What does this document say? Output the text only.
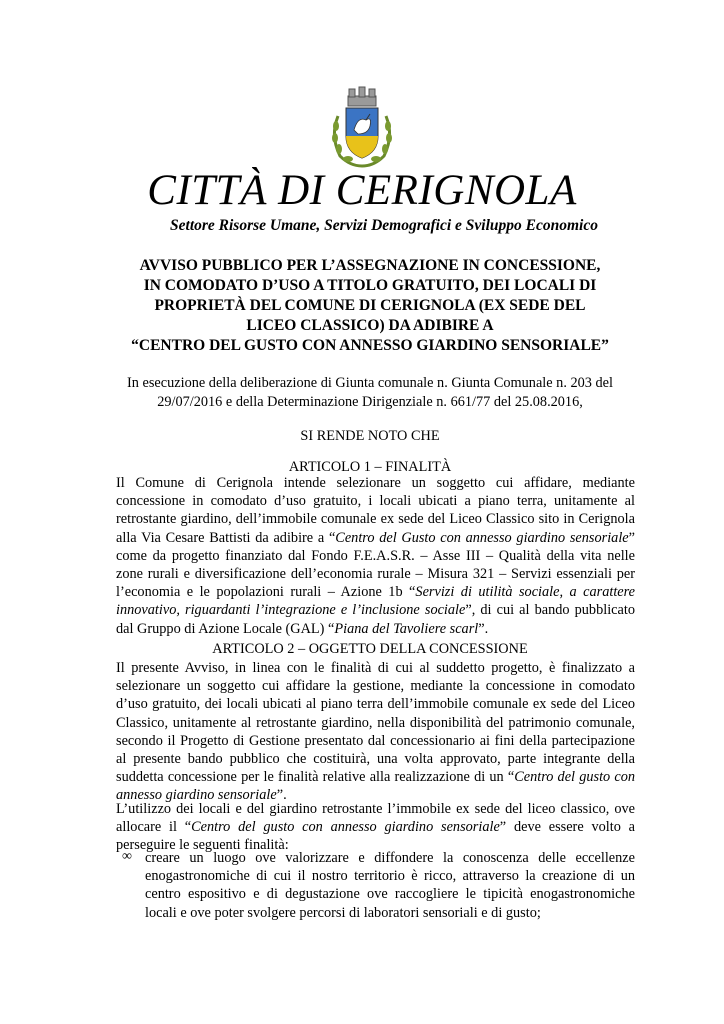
CITTÀ DI CERIGNOLA
Settore Risorse Umane, Servizi Demografici e Sviluppo Economico
AVVISO PUBBLICO PER L’ASSEGNAZIONE IN CONCESSIONE,
IN COMODATO D’USO A TITOLO GRATUITO, DEI LOCALI DI
PROPRIETÀ DEL COMUNE DI CERIGNOLA (EX SEDE DEL
LICEO CLASSICO) DA ADIBIRE A
“CENTRO DEL GUSTO CON ANNESSO GIARDINO SENSORIALE”
In esecuzione della deliberazione di Giunta comunale n. Giunta Comunale n. 203 del
29/07/2016 e della Determinazione Dirigenziale n. 661/77 del 25.08.2016,
SI RENDE NOTO CHE
ARTICOLO 1 – FINALITÀ
Il Comune di Cerignola intende selezionare un soggetto cui affidare, mediante concessione in comodato d’uso gratuito, i locali ubicati a piano terra, unitamente al retrostante giardino, dell’immobile comunale ex sede del Liceo Classico sito in Cerignola alla Via Cesare Battisti da adibire a “Centro del Gusto con annesso giardino sensoriale” come da progetto finanziato dal Fondo F.E.A.S.R. – Asse III – Qualità della vita nelle zone rurali e diversificazione dell’economia rurale – Misura 321 – Servizi essenziali per l’economia e le popolazioni rurali – Azione 1b “Servizi di utilità sociale, a carattere innovativo, riguardanti l’integrazione e l’inclusione sociale”, di cui al bando pubblicato dal Gruppo di Azione Locale (GAL) “Piana del Tavoliere scarl”.
ARTICOLO 2 – OGGETTO DELLA CONCESSIONE
Il presente Avviso, in linea con le finalità di cui al suddetto progetto, è finalizzato a selezionare un soggetto cui affidare la gestione, mediante la concessione in comodato d’uso gratuito, dei locali ubicati al piano terra dell’immobile comunale ex sede del Liceo Classico, unitamente al retrostante giardino, nella disponibilità del patrimonio comunale, secondo il Progetto di Gestione presentato dal concessionario ai fini della partecipazione al presente bando pubblico che costituirà, una volta approvato, parte integrante della suddetta concessione per le finalità relative alla realizzazione di un “Centro del gusto con annesso giardino sensoriale”.
L’utilizzo dei locali e del giardino retrostante l’immobile ex sede del liceo classico, ove allocare il “Centro del gusto con annesso giardino sensoriale” deve essere volto a perseguire le seguenti finalità:
∞ creare un luogo ove valorizzare e diffondere la conoscenza delle eccellenze enogastronomiche di cui il nostro territorio è ricco, attraverso la creazione di un centro espositivo e di degustazione ove raccogliere le tipicità enogastronomiche locali e ove poter svolgere percorsi di laboratori sensoriali e di gusto;
